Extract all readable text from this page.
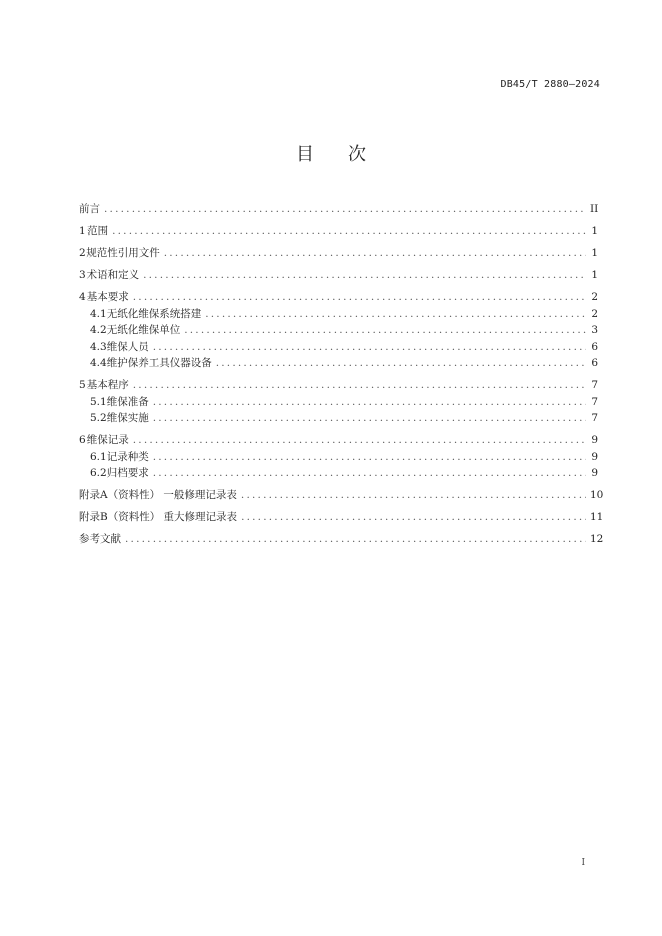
DB45/T 2880—2024
目次
前言 .....	II
1 范围 .....	1
2 规范性引用文件 .....	1
3 术语和定义 .....	1
4 基本要求 .....	2
4.1 无纸化维保系统搭建 .....	2
4.2 无纸化维保单位 .....	3
4.3 维保人员 .....	6
4.4 维护保养工具仪器设备 .....	6
5 基本程序 .....	7
5.1 维保准备 .....	7
5.2 维保实施 .....	7
6 维保记录 .....	9
6.1 记录种类 .....	9
6.2 归档要求 .....	9
附录A（资料性） 一般修理记录表 .....	10
附录B（资料性） 重大修理记录表 .....	11
参考文献 .....	12
I
